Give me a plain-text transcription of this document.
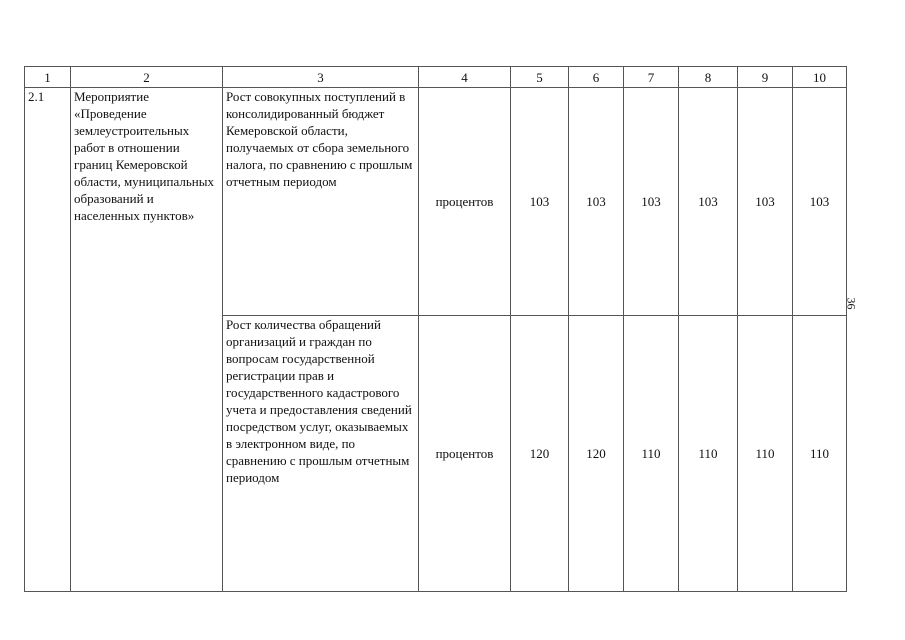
1	2	3	4	5	6	7	8	9	10
2.1	Мероприятие «Проведение землеустроительных работ в отношении границ Кемеровской области, муниципальных образований и населенных пунктов»	Рост совокупных поступлений в консолидированный бюджет Кемеровской области, получаемых от сбора земельного налога, по сравнению с прошлым отчетным периодом	процентов	103	103	103	103	103	103
		Рост количества обращений организаций и граждан по вопросам государственной регистрации прав и государственного кадастрового учета и предоставления сведений посредством услуг, оказываемых в электронном виде, по сравнению с прошлым отчетным периодом	процентов	120	120	110	110	110	110
36
